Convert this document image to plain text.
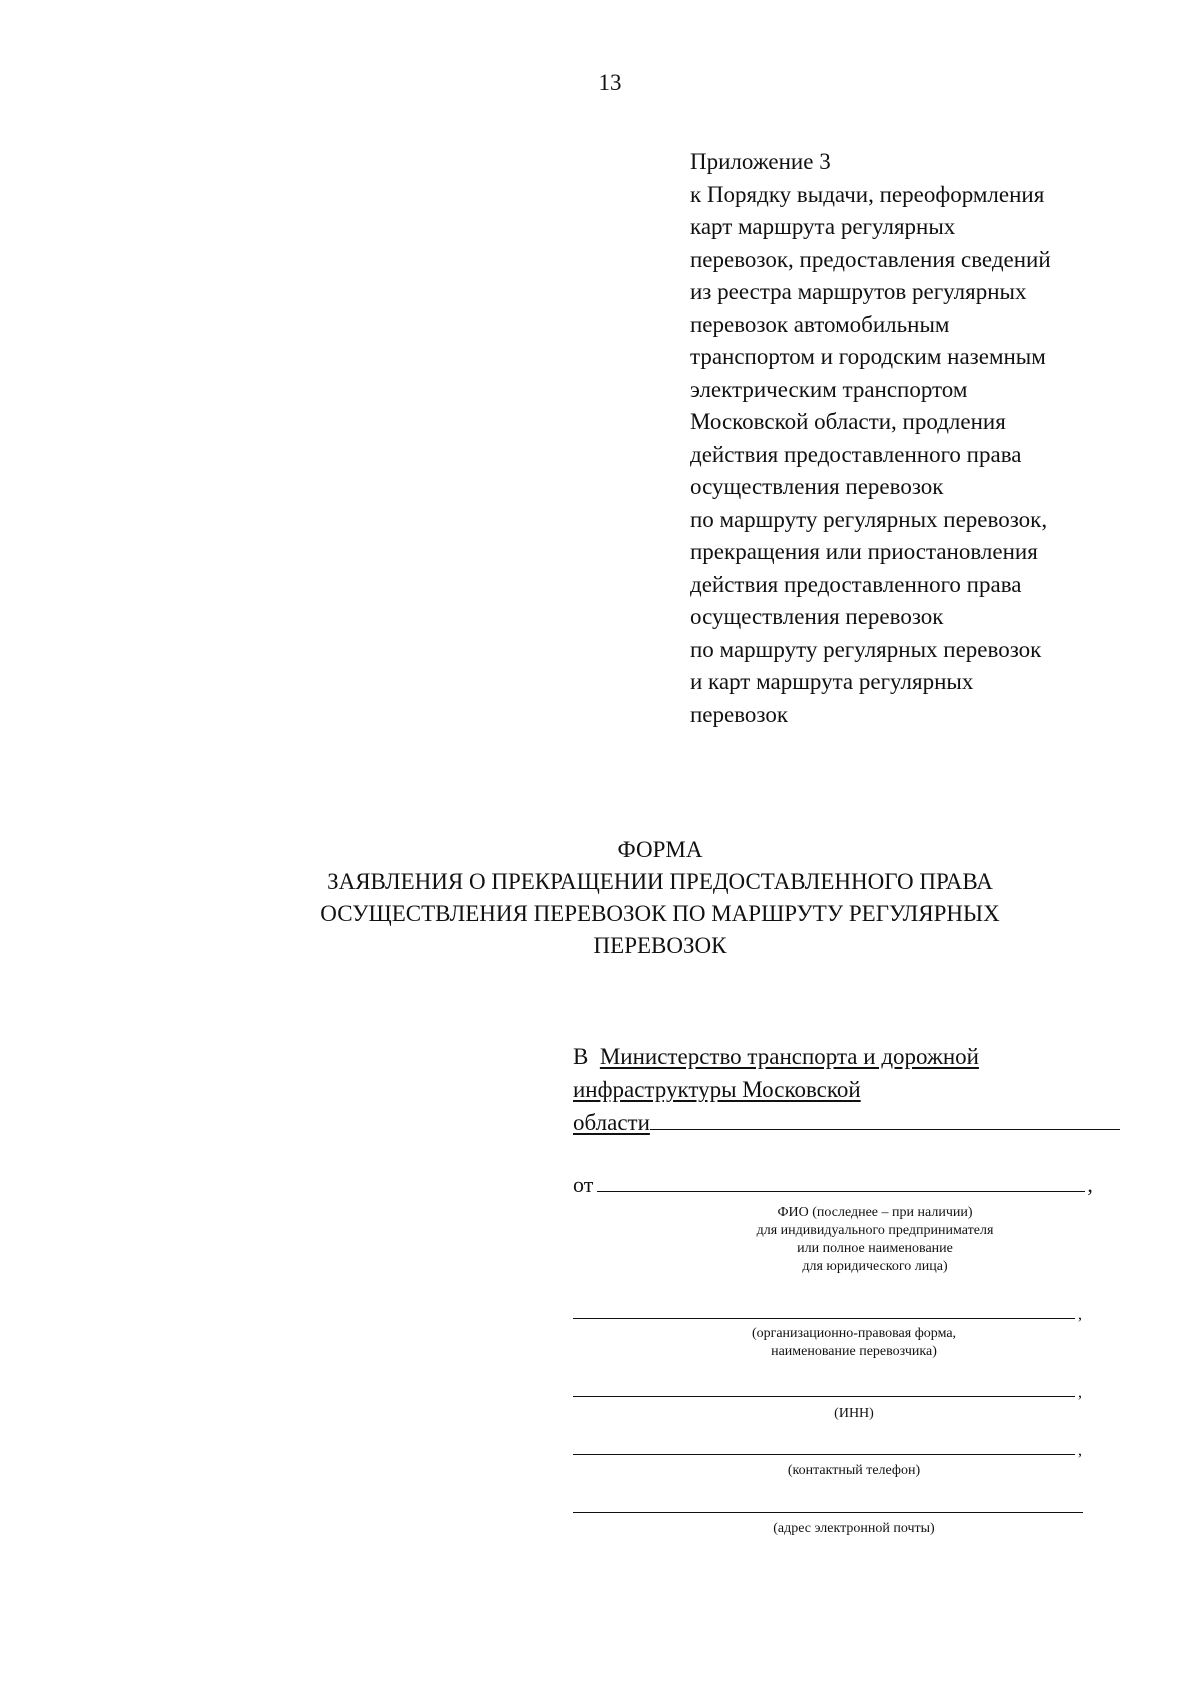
13
Приложение 3
к Порядку выдачи, переоформления
карт маршрута регулярных
перевозок, предоставления сведений
из реестра маршрутов регулярных
перевозок автомобильным
транспортом и городским наземным
электрическим транспортом
Московской области, продления
действия предоставленного права
осуществления перевозок
по маршруту регулярных перевозок,
прекращения или приостановления
действия предоставленного права
осуществления перевозок
по маршруту регулярных перевозок
и карт маршрута регулярных
перевозок
ФОРМА
ЗАЯВЛЕНИЯ О ПРЕКРАЩЕНИИ ПРЕДОСТАВЛЕННОГО ПРАВА
ОСУЩЕСТВЛЕНИЯ ПЕРЕВОЗОК ПО МАРШРУТУ РЕГУЛЯРНЫХ
ПЕРЕВОЗОК
В Министерство транспорта и дорожной
инфраструктуры Московской
области
от	,
ФИО (последнее – при наличии)
для индивидуального предпринимателя
или полное наименование
для юридического лица)
,
(организационно-правовая форма,
наименование перевозчика)
,
(ИНН)
,
(контактный телефон)
(адрес электронной почты)
